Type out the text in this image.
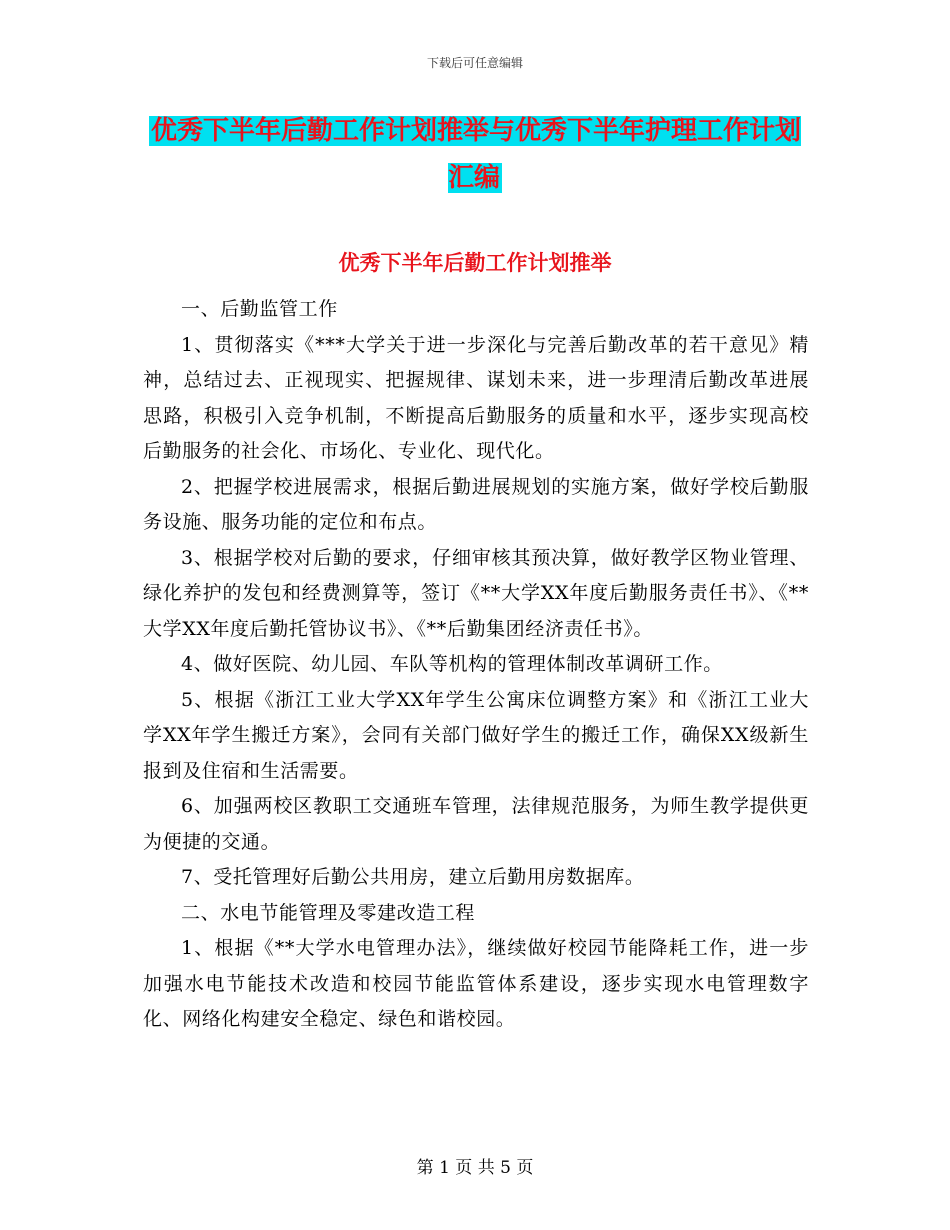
下载后可任意编辑
优秀下半年后勤工作计划推举与优秀下半年护理工作计划汇编
优秀下半年后勤工作计划推举

一、后勤监管工作

1、贯彻落实《***大学关于进一步深化与完善后勤改革的若干意见》精神，总结过去、正视现实、把握规律、谋划未来，进一步理清后勤改革进展思路，积极引入竞争机制，不断提高后勤服务的质量和水平，逐步实现高校后勤服务的社会化、市场化、专业化、现代化。

2、把握学校进展需求，根据后勤进展规划的实施方案，做好学校后勤服务设施、服务功能的定位和布点。

3、根据学校对后勤的要求，仔细审核其预决算，做好教学区物业管理、绿化养护的发包和经费测算等，签订《**大学XX年度后勤服务责任书》、《**大学XX年度后勤托管协议书》、《**后勤集团经济责任书》。

4、做好医院、幼儿园、车队等机构的管理体制改革调研工作。

5、根据《浙江工业大学XX年学生公寓床位调整方案》和《浙江工业大学XX年学生搬迁方案》，会同有关部门做好学生的搬迁工作，确保XX级新生报到及住宿和生活需要。

6、加强两校区教职工交通班车管理，法律规范服务，为师生教学提供更为便捷的交通。

7、受托管理好后勤公共用房，建立后勤用房数据库。

二、水电节能管理及零建改造工程

1、根据《**大学水电管理办法》，继续做好校园节能降耗工作，进一步加强水电节能技术改造和校园节能监管体系建设，逐步实现水电管理数字化、网络化构建安全稳定、绿色和谐校园。

第 1 页 共 5 页
